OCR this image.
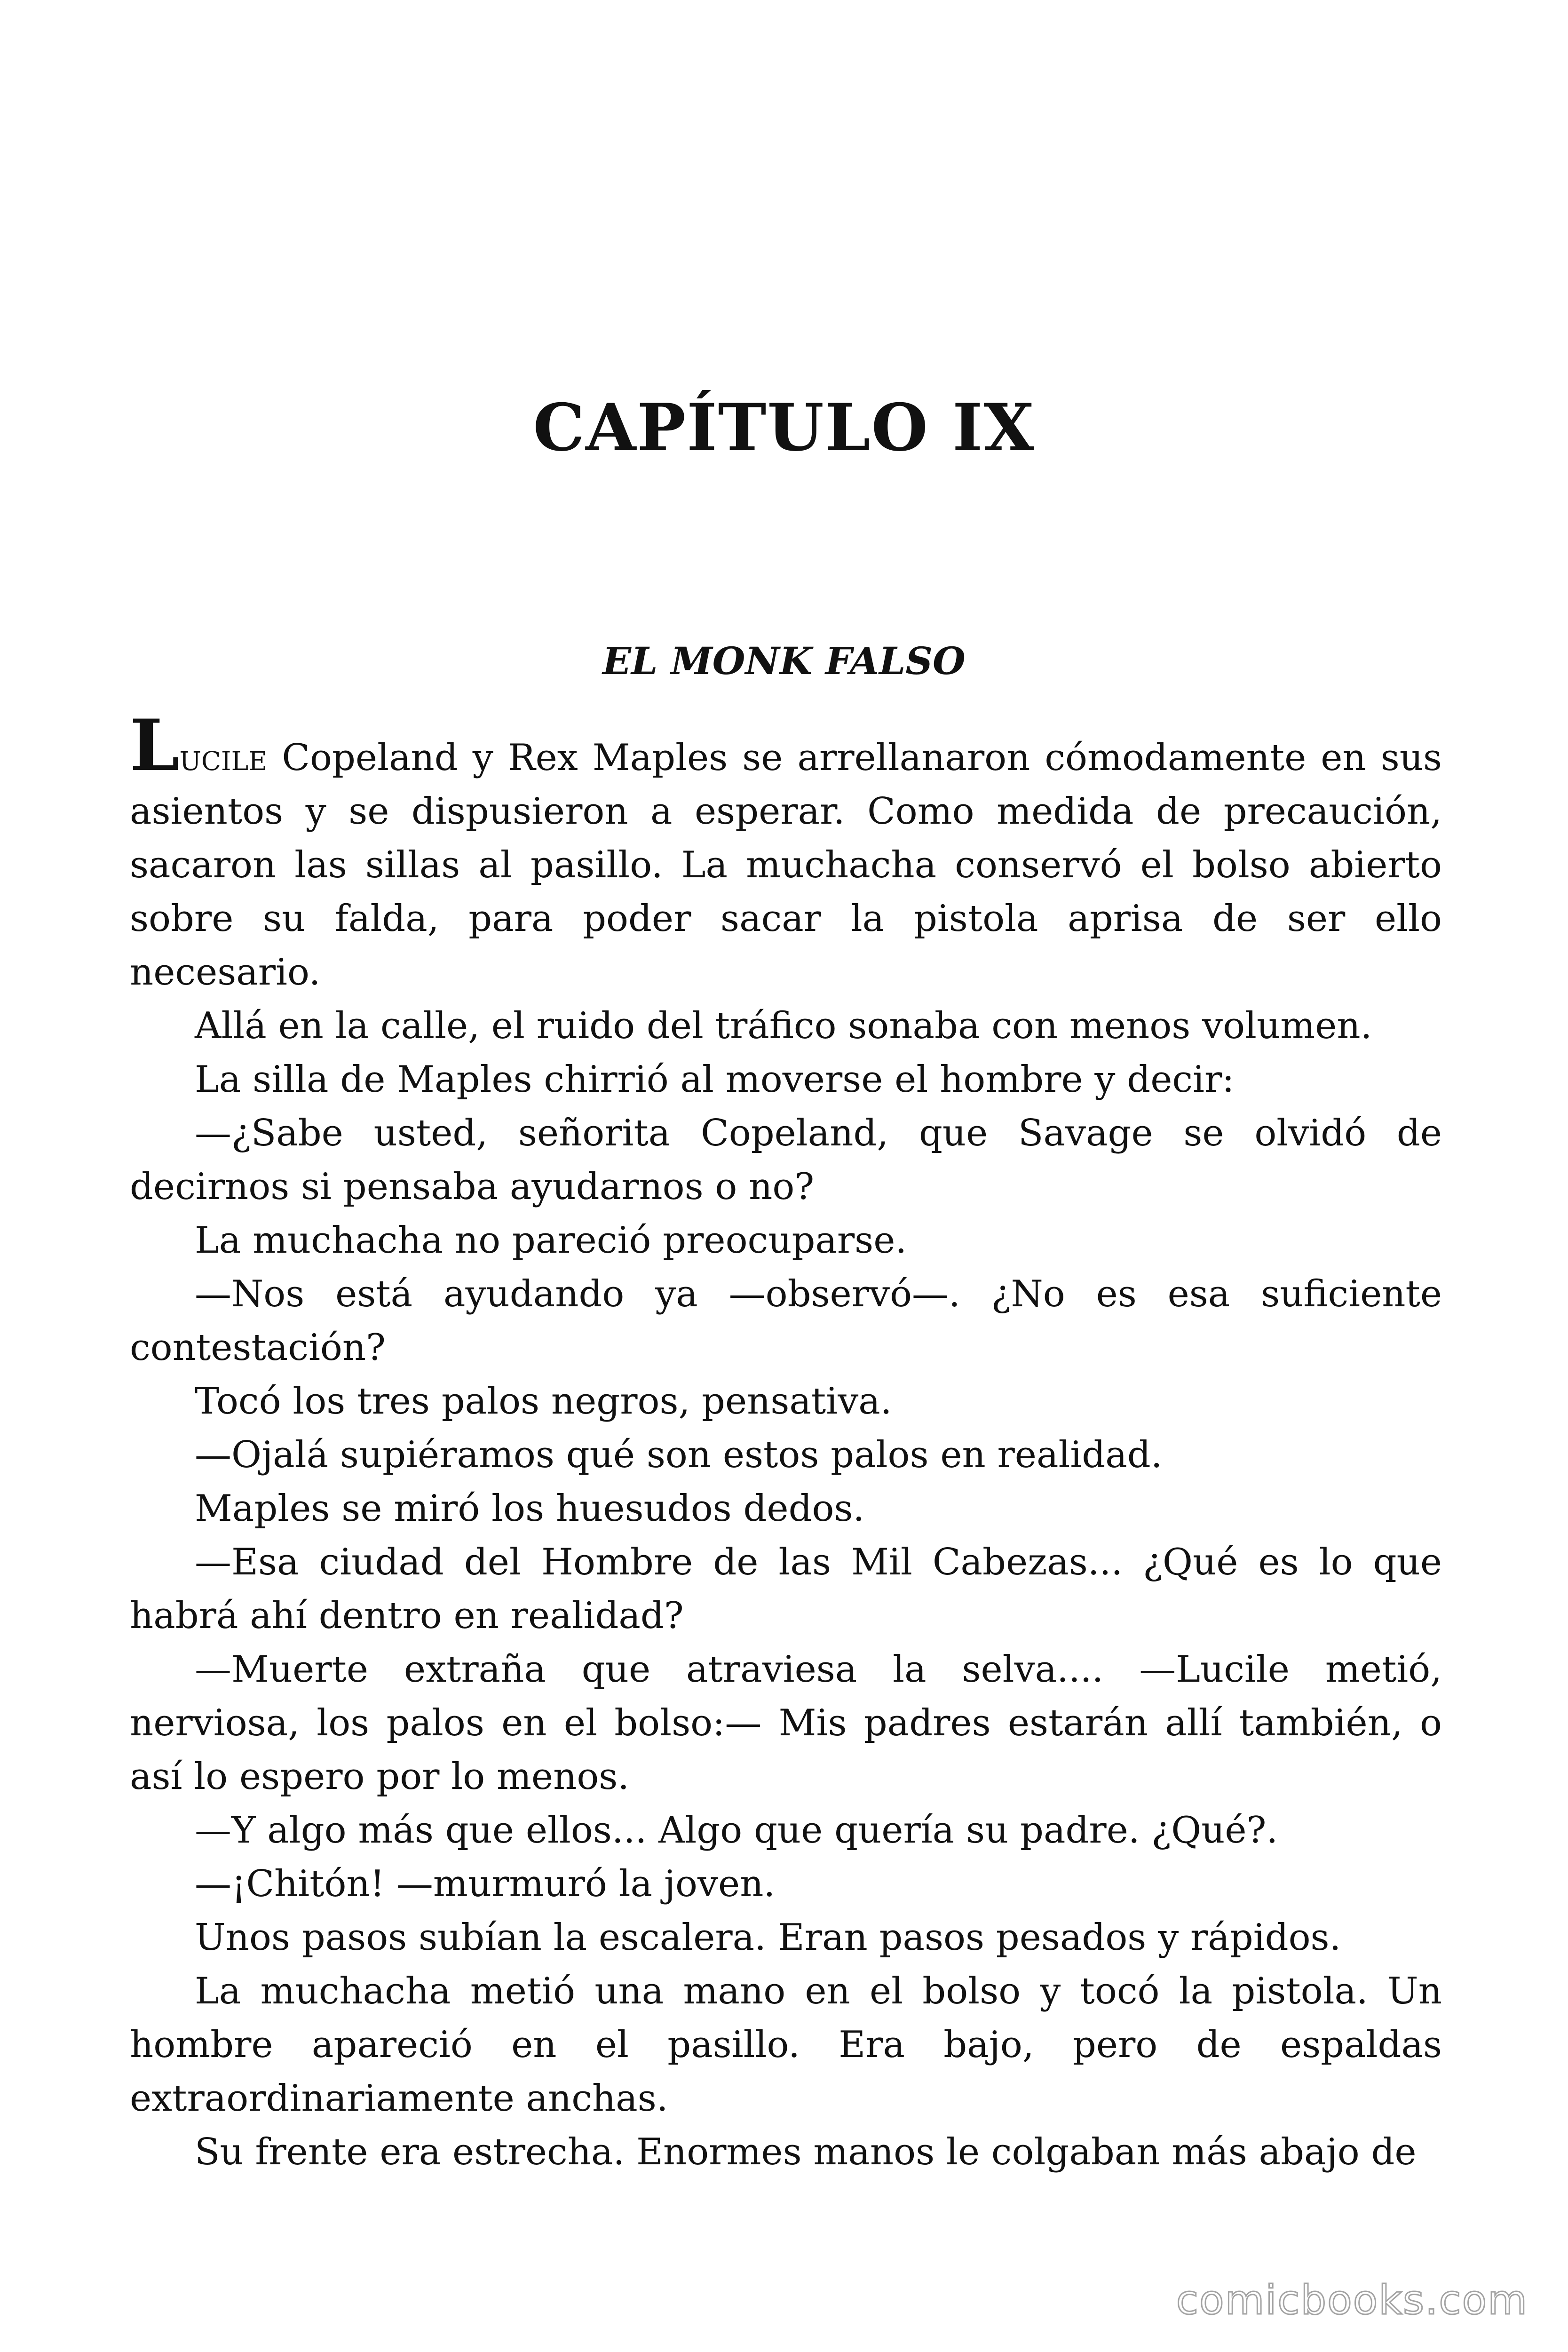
CAPÍTULO IX
EL MONK FALSO

Lucile Copeland y Rex Maples se arrellanaron cómodamente en sus asientos y se dispusieron a esperar. Como medida de precaución, sacaron las sillas al pasillo. La muchacha conservó el bolso abierto sobre su falda, para poder sacar la pistola aprisa de ser ello necesario.

Allá en la calle, el ruido del tráfico sonaba con menos volumen.

La silla de Maples chirrió al moverse el hombre y decir:

—¿Sabe usted, señorita Copeland, que Savage se olvidó de decirnos si pensaba ayudarnos o no?

La muchacha no pareció preocuparse.

—Nos está ayudando ya —observó—. ¿No es esa suficiente contestación?

Tocó los tres palos negros, pensativa.

—Ojalá supiéramos qué son estos palos en realidad.

Maples se miró los huesudos dedos.

—Esa ciudad del Hombre de las Mil Cabezas... ¿Qué es lo que habrá ahí dentro en realidad?

—Muerte extraña que atraviesa la selva.... —Lucile metió, nerviosa, los palos en el bolso:— Mis padres estarán allí también, o así lo espero por lo menos.

—Y algo más que ellos... Algo que quería su padre. ¿Qué?.

—¡Chitón! —murmuró la joven.

Unos pasos subían la escalera. Eran pasos pesados y rápidos.

La muchacha metió una mano en el bolso y tocó la pistola. Un hombre apareció en el pasillo. Era bajo, pero de espaldas extraordinariamente anchas.

Su frente era estrecha. Enormes manos le colgaban más abajo de

comicbooks.com
